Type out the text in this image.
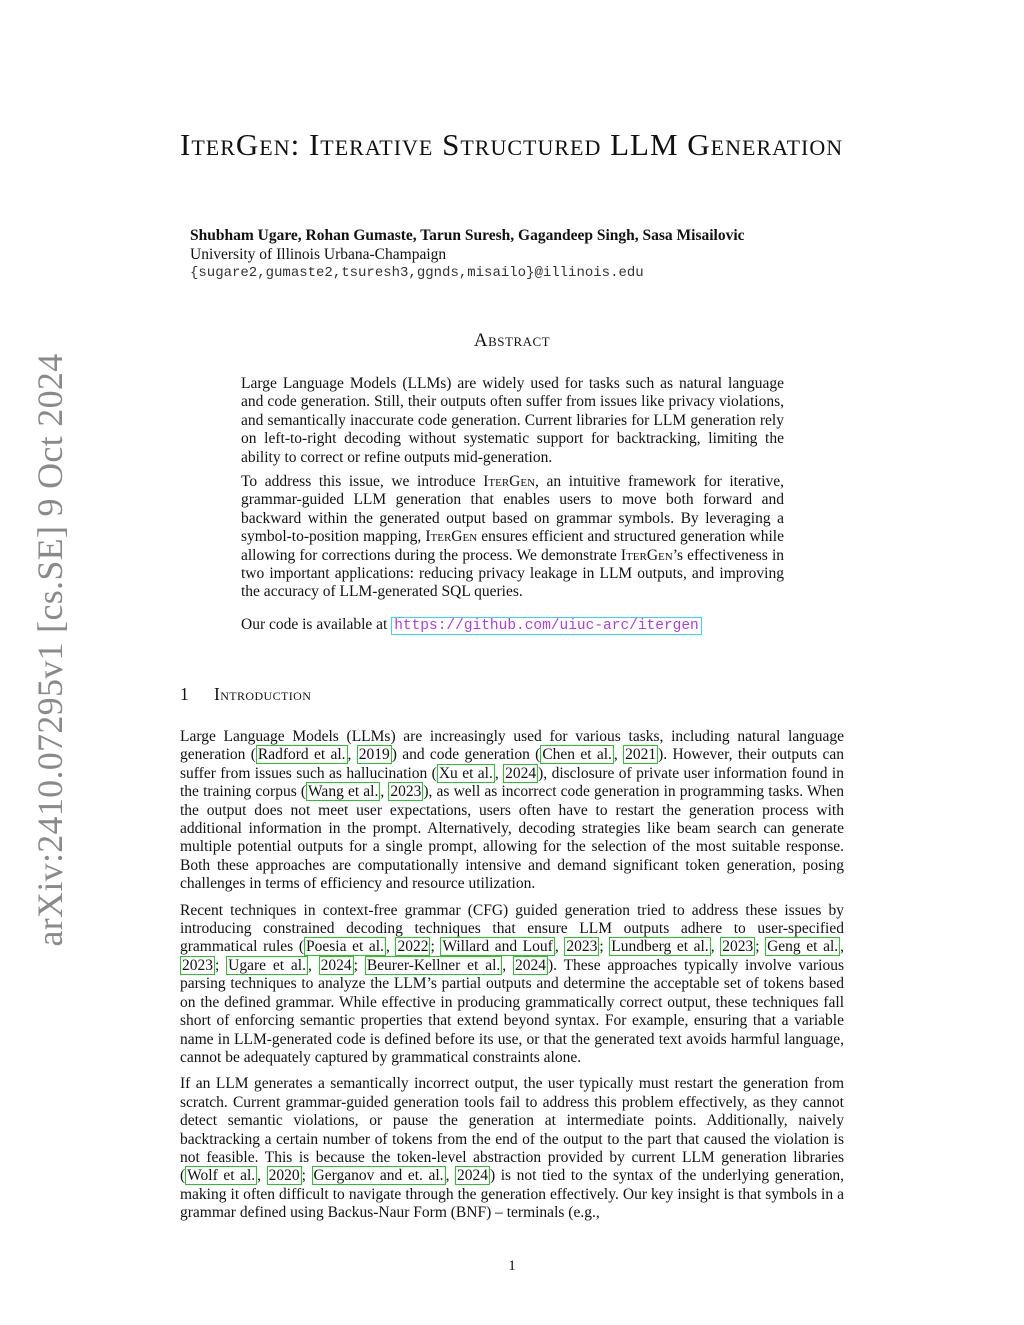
arXiv:2410.07295v1 [cs.SE] 9 Oct 2024
IterGen: Iterative Structured LLM Generation
Shubham Ugare, Rohan Gumaste, Tarun Suresh, Gagandeep Singh, Sasa Misailovic
University of Illinois Urbana-Champaign
{sugare2,gumaste2,tsuresh3,ggnds,misailo}@illinois.edu
Abstract

Large Language Models (LLMs) are widely used for tasks such as natural language and code generation. Still, their outputs often suffer from issues like privacy violations, and semantically inaccurate code generation. Current libraries for LLM generation rely on left-to-right decoding without systematic support for backtracking, limiting the ability to correct or refine outputs mid-generation.

To address this issue, we introduce IterGen, an intuitive framework for iterative, grammar-guided LLM generation that enables users to move both forward and backward within the generated output based on grammar symbols. By leveraging a symbol-to-position mapping, IterGen ensures efficient and structured generation while allowing for corrections during the process. We demonstrate IterGen’s effectiveness in two important applications: reducing privacy leakage in LLM outputs, and improving the accuracy of LLM-generated SQL queries.

Our code is available at https://github.com/uiuc-arc/itergen

1 Introduction

Large Language Models (LLMs) are increasingly used for various tasks, including natural language generation ( Radford et al. , 2019 ) and code generation ( Chen et al. , 2021 ). However, their outputs can suffer from issues such as hallucination ( Xu et al. , 2024 ), disclosure of private user information found in the training corpus ( Wang et al. , 2023 ), as well as incorrect code generation in programming tasks. When the output does not meet user expectations, users often have to restart the generation process with additional information in the prompt. Alternatively, decoding strategies like beam search can generate multiple potential outputs for a single prompt, allowing for the selection of the most suitable response. Both these approaches are computationally intensive and demand significant token generation, posing challenges in terms of efficiency and resource utilization.

Recent techniques in context-free grammar (CFG) guided generation tried to address these issues by introducing constrained decoding techniques that ensure LLM outputs adhere to user-specified grammatical rules ( Poesia et al. , 2022 ; Willard and Louf , 2023 ; Lundberg et al. , 2023 ; Geng et al. , 2023 ; Ugare et al. , 2024 ; Beurer-Kellner et al. , 2024 ). These approaches typically involve various parsing techniques to analyze the LLM’s partial outputs and determine the acceptable set of tokens based on the defined grammar. While effective in producing grammatically correct output, these techniques fall short of enforcing semantic properties that extend beyond syntax. For example, ensuring that a variable name in LLM-generated code is defined before its use, or that the generated text avoids harmful language, cannot be adequately captured by grammatical constraints alone.

If an LLM generates a semantically incorrect output, the user typically must restart the generation from scratch. Current grammar-guided generation tools fail to address this problem effectively, as they cannot detect semantic violations, or pause the generation at intermediate points. Additionally, naively backtracking a certain number of tokens from the end of the output to the part that caused the violation is not feasible. This is because the token-level abstraction provided by current LLM generation libraries ( Wolf et al. , 2020 ; Gerganov and et. al. , 2024 ) is not tied to the syntax of the underlying generation, making it often difficult to navigate through the generation effectively. Our key insight is that symbols in a grammar defined using Backus-Naur Form (BNF) – terminals (e.g.,

1
